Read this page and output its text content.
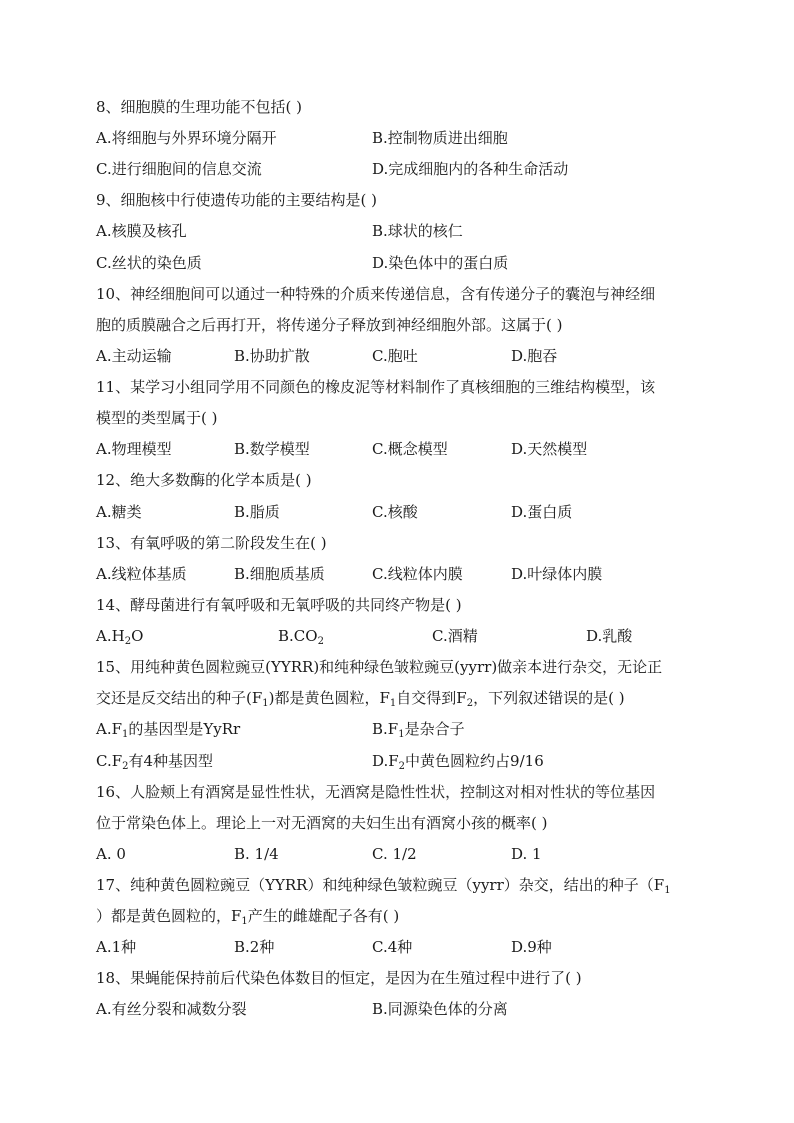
8、细胞膜的生理功能不包括( )
A.将细胞与外界环境分隔开	B.控制物质进出细胞
C.进行细胞间的信息交流	D.完成细胞内的各种生命活动
9、细胞核中行使遗传功能的主要结构是( )
A.核膜及核孔	B.球状的核仁
C.丝状的染色质	D.染色体中的蛋白质
10、神经细胞间可以通过一种特殊的介质来传递信息，含有传递分子的囊泡与神经细
胞的质膜融合之后再打开，将传递分子释放到神经细胞外部。这属于( )
A.主动运输	B.协助扩散	C.胞吐	D.胞吞
11、某学习小组同学用不同颜色的橡皮泥等材料制作了真核细胞的三维结构模型，该
模型的类型属于( )
A.物理模型	B.数学模型	C.概念模型	D.天然模型
12、绝大多数酶的化学本质是( )
A.糖类	B.脂质	C.核酸	D.蛋白质
13、有氧呼吸的第二阶段发生在( )
A.线粒体基质	B.细胞质基质	C.线粒体内膜	D.叶绿体内膜
14、酵母菌进行有氧呼吸和无氧呼吸的共同终产物是( )
$A.H_2O$	$B.CO_2$	C.酒精	D.乳酸
15、用纯种黄色圆粒豌豆(YYRR)和纯种绿色皱粒豌豆(yyrr)做亲本进行杂交，无论正
交还是反交结出的种子$(F_1)$都是黄色圆粒，$F_1$自交得到$F_2$，下列叙述错误的是( )
$A.F_1$的基因型是YyRr	$B.F_1$是杂合子
$C.F_2$有4种基因型	$D.F_2$中黄色圆粒约占9/16
16、人脸颊上有酒窝是显性性状，无酒窝是隐性性状，控制这对相对性状的等位基因
位于常染色体上。理论上一对无酒窝的夫妇生出有酒窝小孩的概率( )
A. 0	B. 1/4	C. 1/2	D. 1
17、纯种黄色圆粒豌豆（YYRR）和纯种绿色皱粒豌豆（yyrr）杂交，结出的种子（$F_1$
）都是黄色圆粒的，$F_1$产生的雌雄配子各有( )
A.1种	B.2种	C.4种	D.9种
18、果蝇能保持前后代染色体数目的恒定，是因为在生殖过程中进行了( )
A.有丝分裂和减数分裂	B.同源染色体的分离
